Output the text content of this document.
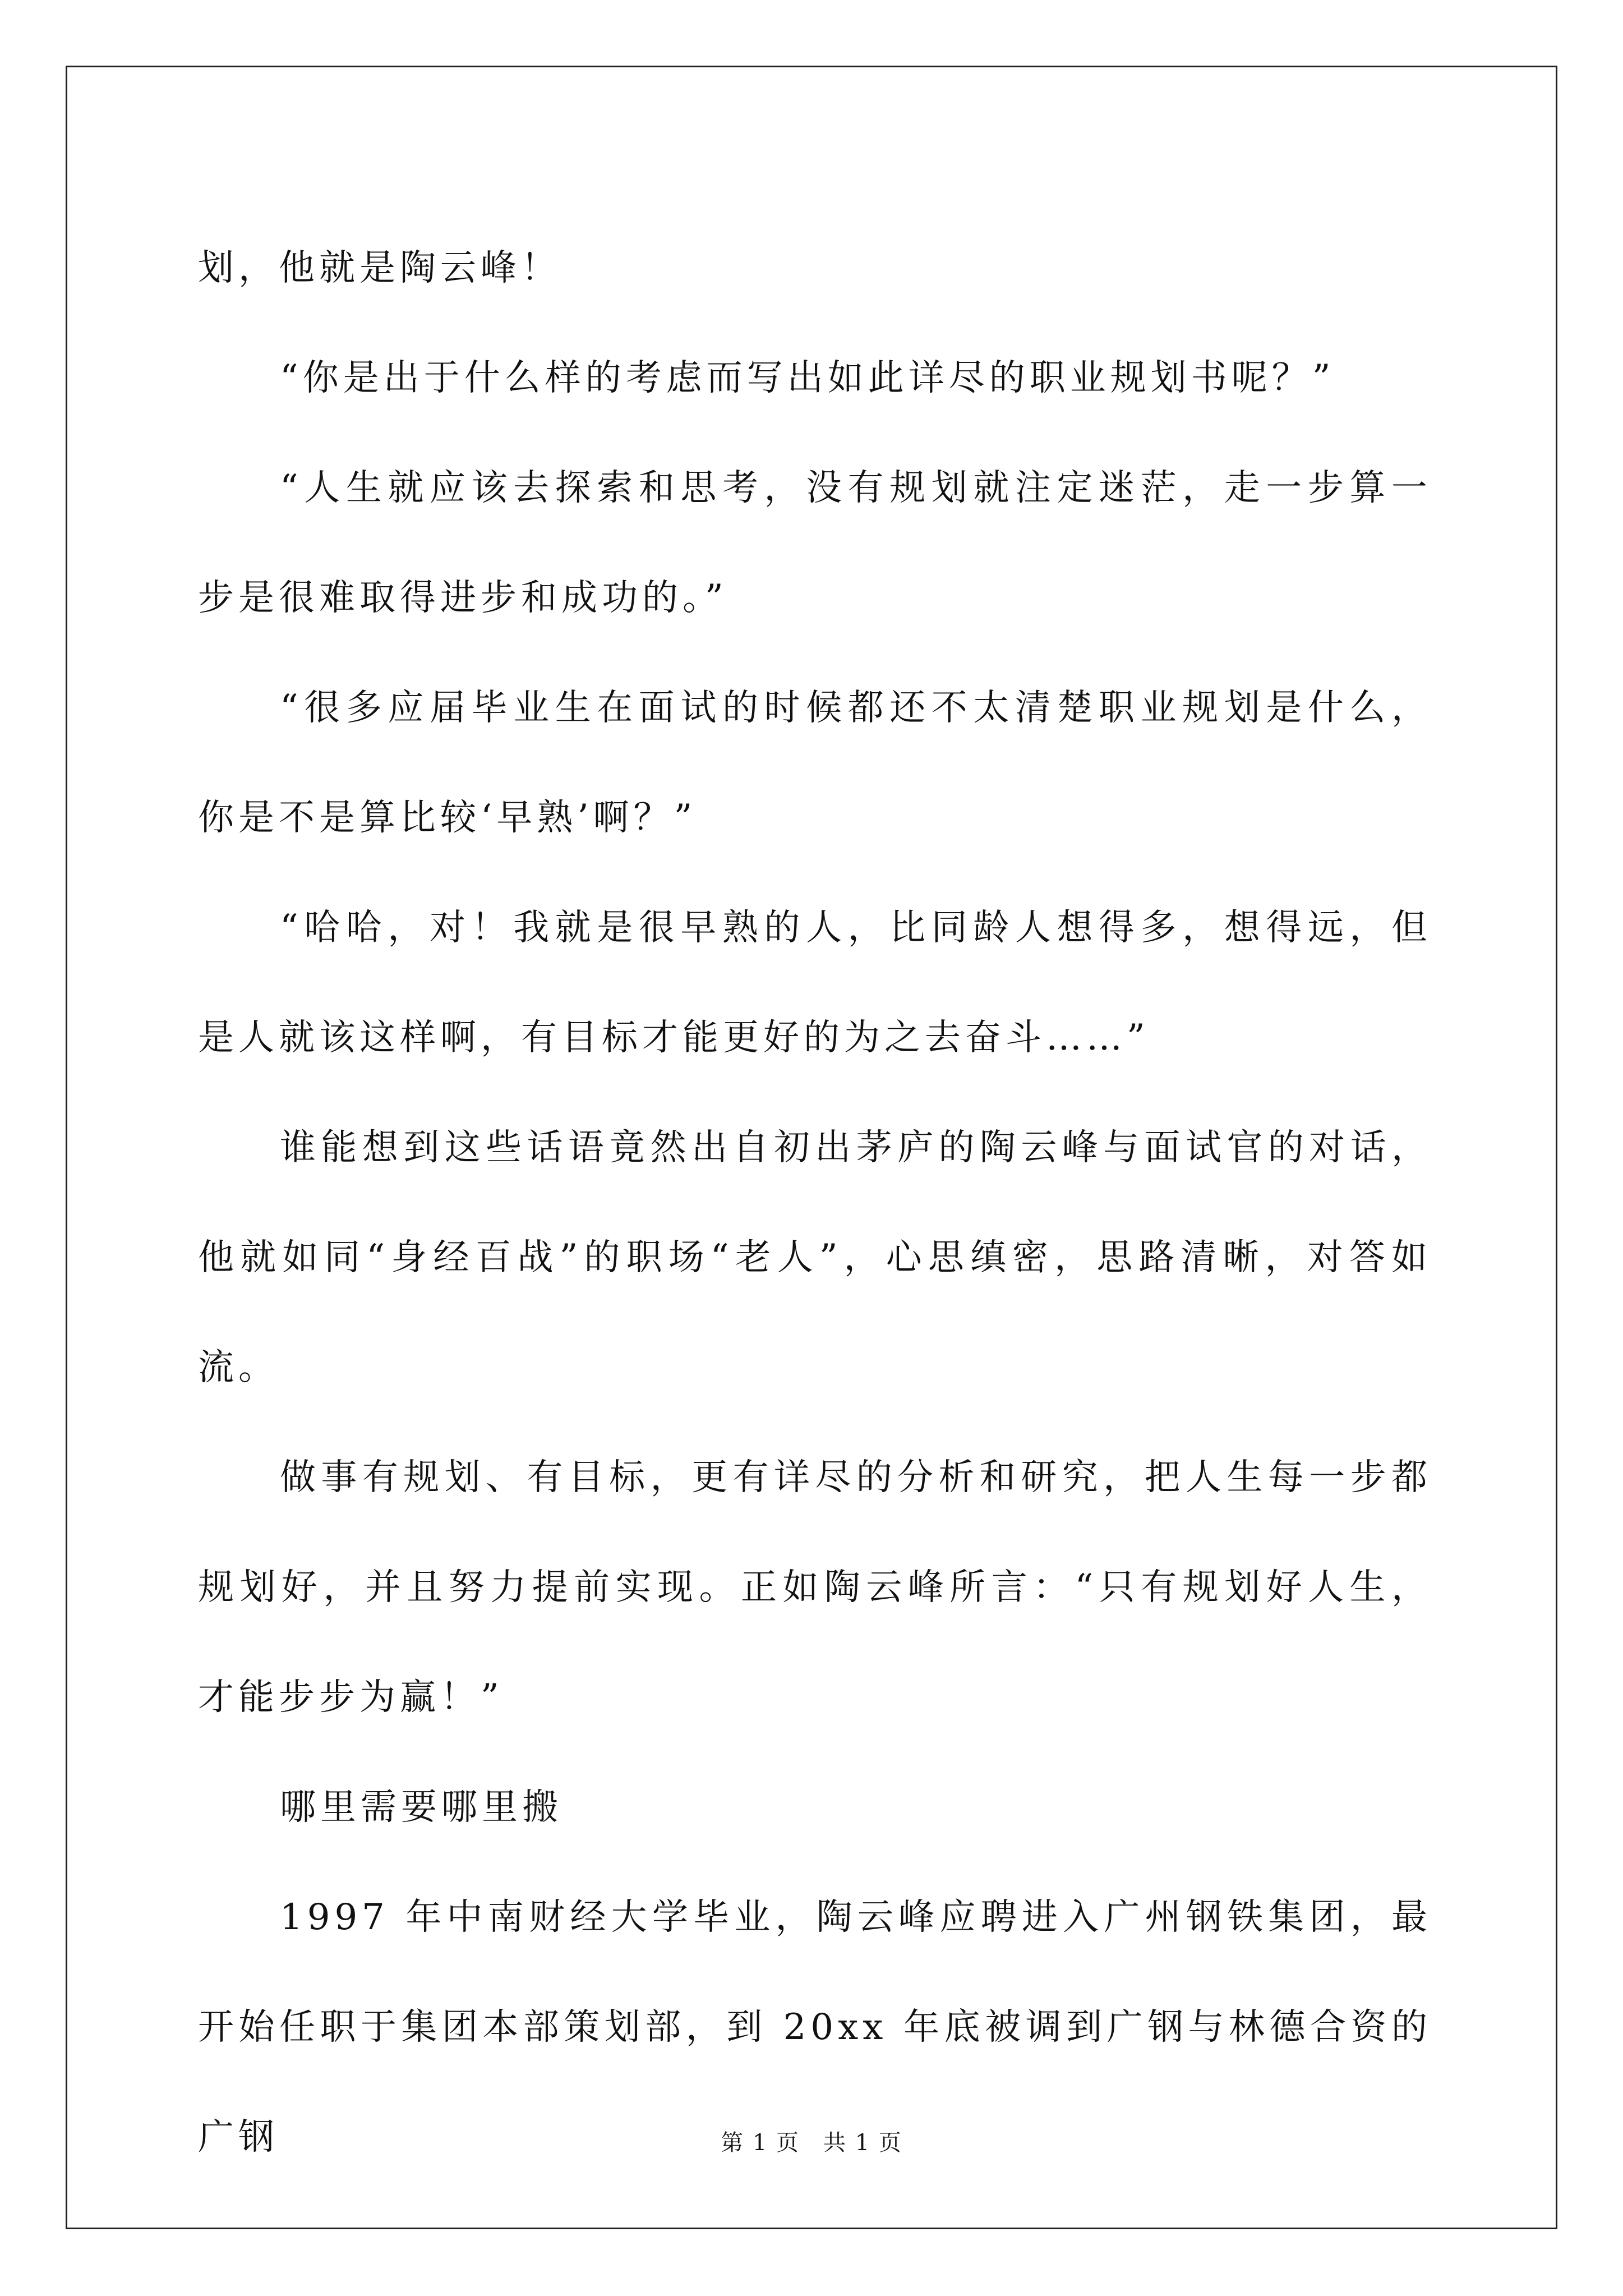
划，他就是陶云峰！

“你是出于什么样的考虑而写出如此详尽的职业规划书呢？”

“人生就应该去探索和思考，没有规划就注定迷茫，走一步算一步是很难取得进步和成功的。”

“很多应届毕业生在面试的时候都还不太清楚职业规划是什么，你是不是算比较‘早熟’啊？”

“哈哈，对！我就是很早熟的人，比同龄人想得多，想得远，但是人就该这样啊，有目标才能更好的为之去奋斗……”

谁能想到这些话语竟然出自初出茅庐的陶云峰与面试官的对话，他就如同“身经百战”的职场“老人”，心思缜密，思路清晰，对答如流。

做事有规划、有目标，更有详尽的分析和研究，把人生每一步都规划好，并且努力提前实现。正如陶云峰所言：“只有规划好人生，才能步步为赢！”

哪里需要哪里搬

1997 年中南财经大学毕业，陶云峰应聘进入广州钢铁集团，最开始任职于集团本部策划部，到 20xx 年底被调到广钢与林德合资的广钢	第 1 页　共 1 页
